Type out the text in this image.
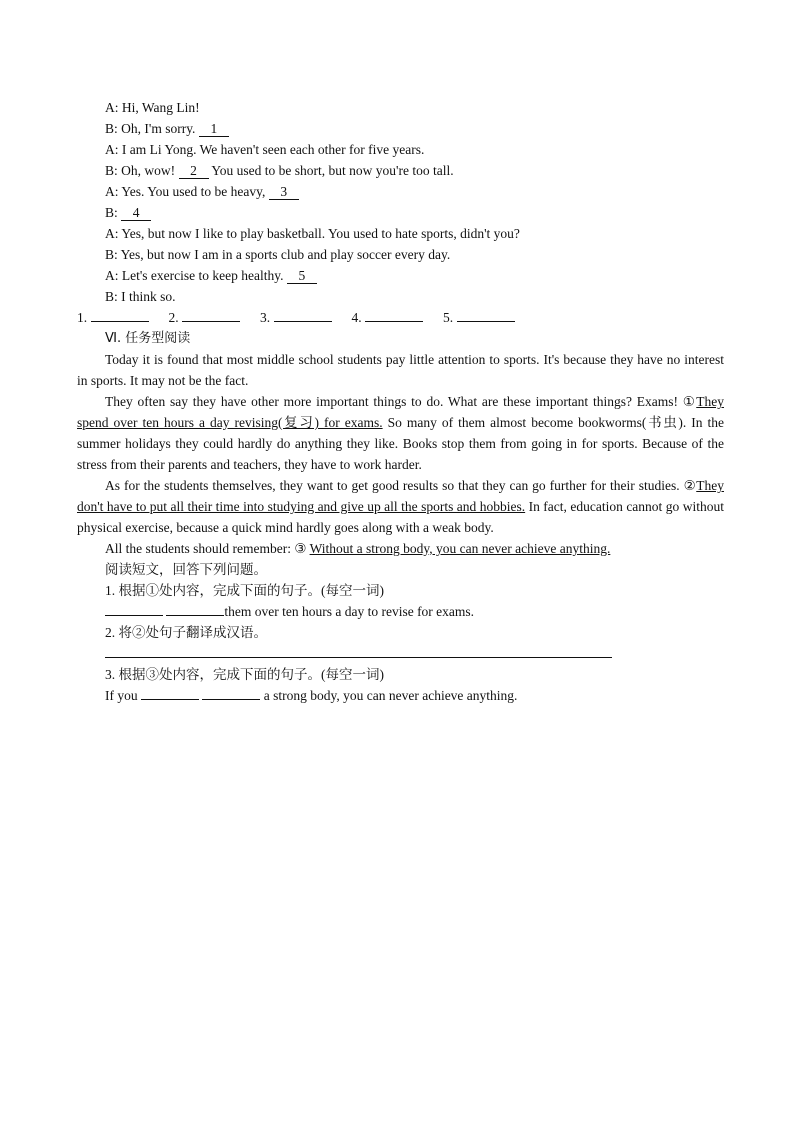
A: Hi, Wang Lin!
B: Oh, I'm sorry. 1
A: I am Li Yong. We haven't seen each other for five years.
B: Oh, wow! 2 You used to be short, but now you're too tall.
A: Yes. You used to be heavy, 3
B: 4
A: Yes, but now I like to play basketball. You used to hate sports, didn't you?
B: Yes, but now I am in a sports club and play soccer every day.
A: Let's exercise to keep healthy. 5
B: I think so.
1.	2.	3.	4.	5.
Ⅵ. 任务型阅读
Today it is found that most middle school students pay little attention to sports. It's because they have no interest in sports. It may not be the fact.
They often say they have other more important things to do. What are these important things? Exams! ①They spend over ten hours a day revising(复习) for exams. So many of them almost become bookworms(书虫). In the summer holidays they could hardly do anything they like. Books stop them from going in for sports. Because of the stress from their parents and teachers, they have to work harder.
As for the students themselves, they want to get good results so that they can go further for their studies. ②They don't have to put all their time into studying and give up all the sports and hobbies. In fact, education cannot go without physical exercise, because a quick mind hardly goes along with a weak body.
All the students should remember: ③ Without a strong body, you can never achieve anything.
阅读短文，回答下列问题。
1. 根据①处内容，完成下面的句子。(每空一词)
them over ten hours a day to revise for exams.
2. 将②处句子翻译成汉语。
3. 根据③处内容，完成下面的句子。(每空一词)
If you	a strong body, you can never achieve anything.
